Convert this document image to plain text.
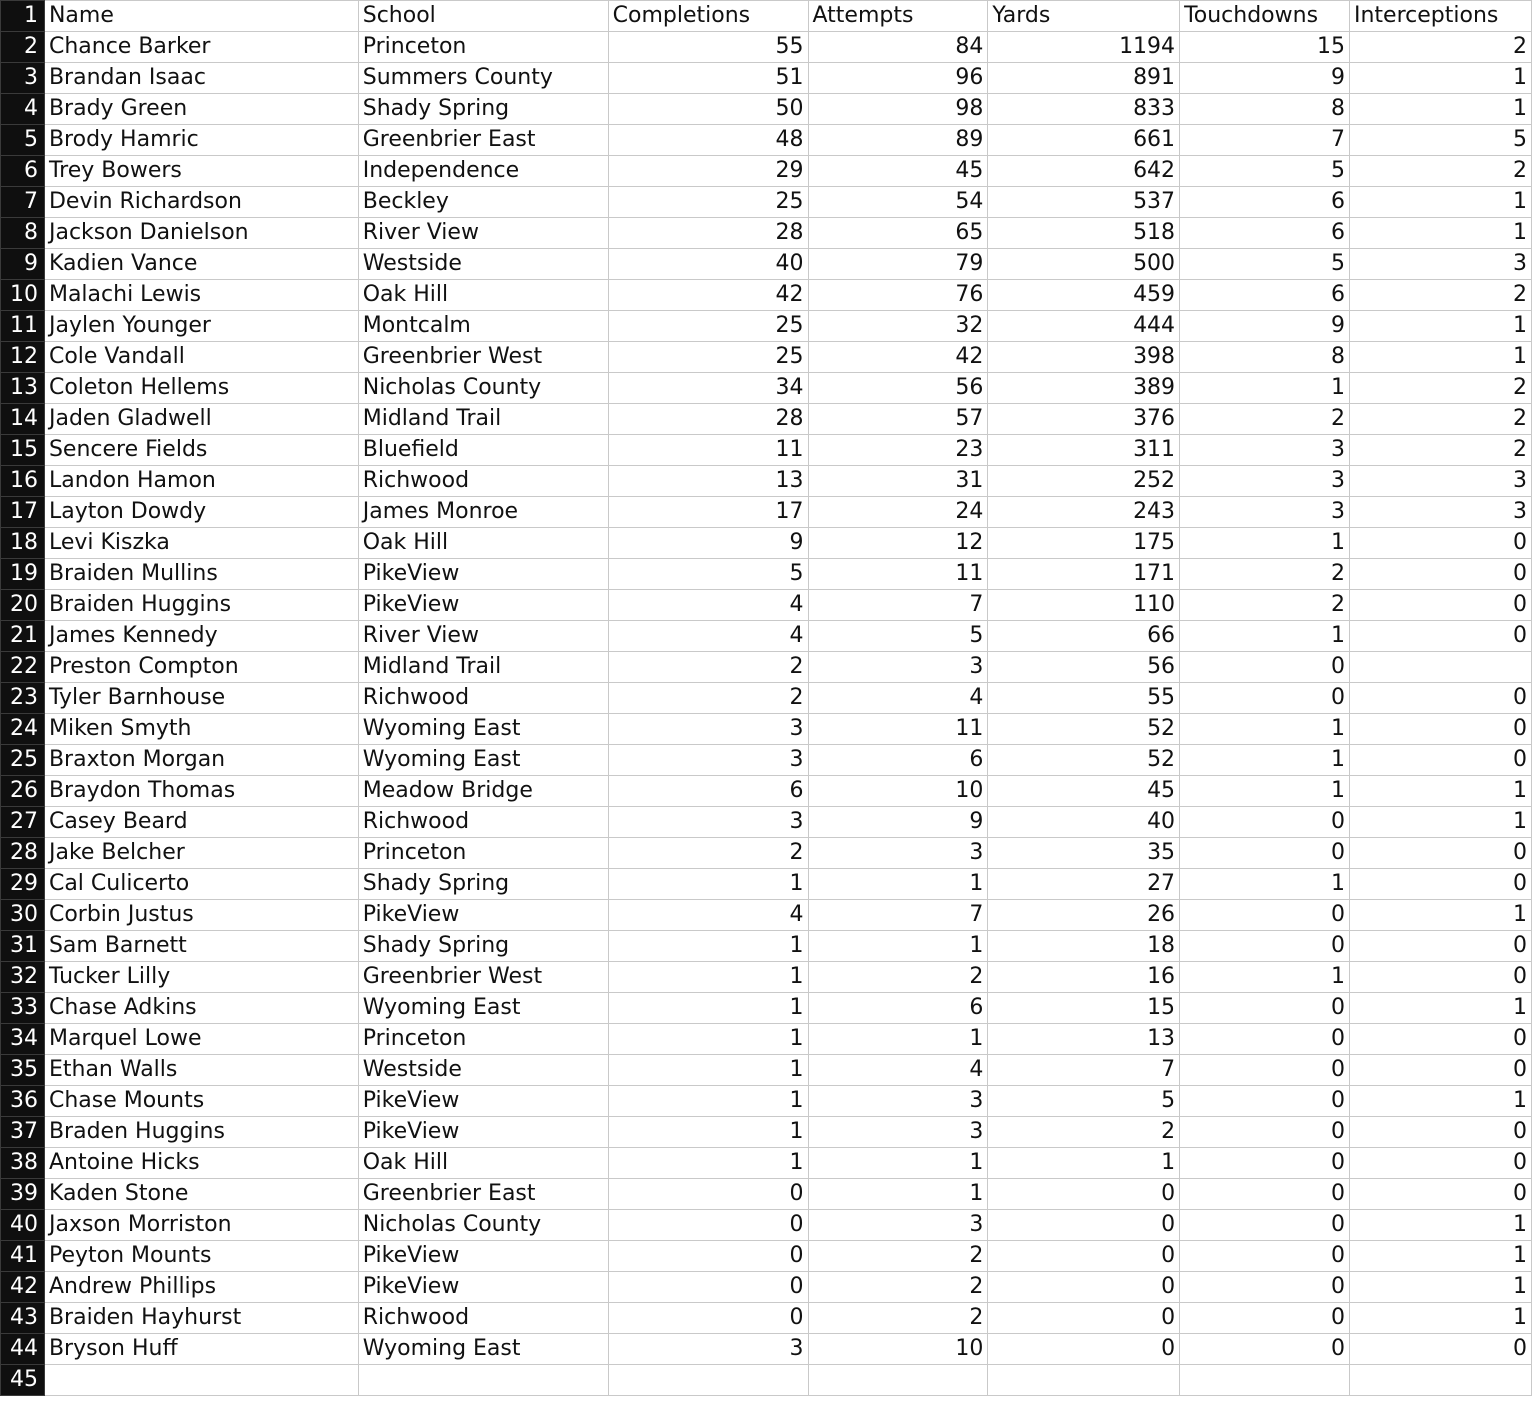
1	Name	School	Completions	Attempts	Yards	Touchdowns	Interceptions
2	Chance Barker	Princeton	55	84	1194	15	2
3	Brandan Isaac	Summers County	51	96	891	9	1
4	Brady Green	Shady Spring	50	98	833	8	1
5	Brody Hamric	Greenbrier East	48	89	661	7	5
6	Trey Bowers	Independence	29	45	642	5	2
7	Devin Richardson	Beckley	25	54	537	6	1
8	Jackson Danielson	River View	28	65	518	6	1
9	Kadien Vance	Westside	40	79	500	5	3
10	Malachi Lewis	Oak Hill	42	76	459	6	2
11	Jaylen Younger	Montcalm	25	32	444	9	1
12	Cole Vandall	Greenbrier West	25	42	398	8	1
13	Coleton Hellems	Nicholas County	34	56	389	1	2
14	Jaden Gladwell	Midland Trail	28	57	376	2	2
15	Sencere Fields	Bluefield	11	23	311	3	2
16	Landon Hamon	Richwood	13	31	252	3	3
17	Layton Dowdy	James Monroe	17	24	243	3	3
18	Levi Kiszka	Oak Hill	9	12	175	1	0
19	Braiden Mullins	PikeView	5	11	171	2	0
20	Braiden Huggins	PikeView	4	7	110	2	0
21	James Kennedy	River View	4	5	66	1	0
22	Preston Compton	Midland Trail	2	3	56	0	
23	Tyler Barnhouse	Richwood	2	4	55	0	0
24	Miken Smyth	Wyoming East	3	11	52	1	0
25	Braxton Morgan	Wyoming East	3	6	52	1	0
26	Braydon Thomas	Meadow Bridge	6	10	45	1	1
27	Casey Beard	Richwood	3	9	40	0	1
28	Jake Belcher	Princeton	2	3	35	0	0
29	Cal Culicerto	Shady Spring	1	1	27	1	0
30	Corbin Justus	PikeView	4	7	26	0	1
31	Sam Barnett	Shady Spring	1	1	18	0	0
32	Tucker Lilly	Greenbrier West	1	2	16	1	0
33	Chase Adkins	Wyoming East	1	6	15	0	1
34	Marquel Lowe	Princeton	1	1	13	0	0
35	Ethan Walls	Westside	1	4	7	0	0
36	Chase Mounts	PikeView	1	3	5	0	1
37	Braden Huggins	PikeView	1	3	2	0	0
38	Antoine Hicks	Oak Hill	1	1	1	0	0
39	Kaden Stone	Greenbrier East	0	1	0	0	0
40	Jaxson Morriston	Nicholas County	0	3	0	0	1
41	Peyton Mounts	PikeView	0	2	0	0	1
42	Andrew Phillips	PikeView	0	2	0	0	1
43	Braiden Hayhurst	Richwood	0	2	0	0	1
44	Bryson Huff	Wyoming East	3	10	0	0	0
45							
